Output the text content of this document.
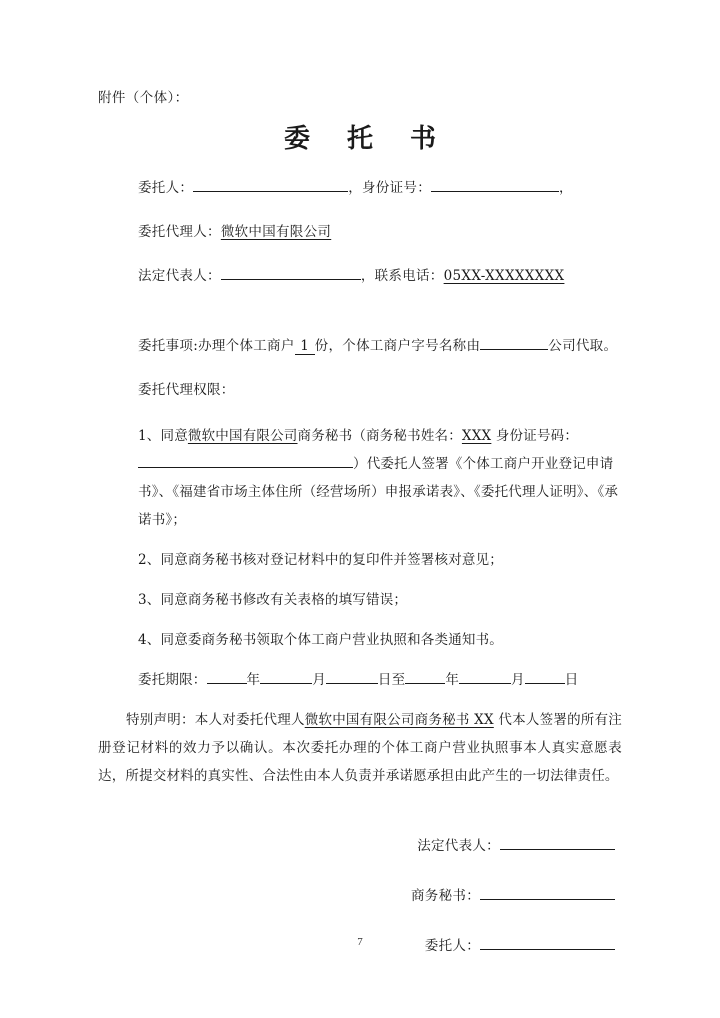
附件（个体）：

委 托 书

委托人：	，身份证号：	，

委托代理人：微软中国有限公司

法定代表人：	，联系电话：05XX-XXXXXXXX

委托事项:办理个体工商户 1 份，个体工商户字号名称由	公司代取。

委托代理权限：

1、同意微软中国有限公司商务秘书（商务秘书姓名：XXX 身份证号码：
）代委托人签署《个体工商户开业登记申请书》、《福建省市场主体住所（经营场所）申报承诺表》、《委托代理人证明》、《承诺书》；

2、同意商务秘书核对登记材料中的复印件并签署核对意见；

3、同意商务秘书修改有关表格的填写错误；

4、同意委商务秘书领取个体工商户营业执照和各类通知书。

委托期限：	年	月	日至	年	月	日

特别声明：本人对委托代理人微软中国有限公司商务秘书 XX 代本人签署的所有注册登记材料的效力予以确认。本次委托办理的个体工商户营业执照事本人真实意愿表达，所提交材料的真实性、合法性由本人负责并承诺愿承担由此产生的一切法律责任。

法定代表人：

商务秘书：

委托人：

7
